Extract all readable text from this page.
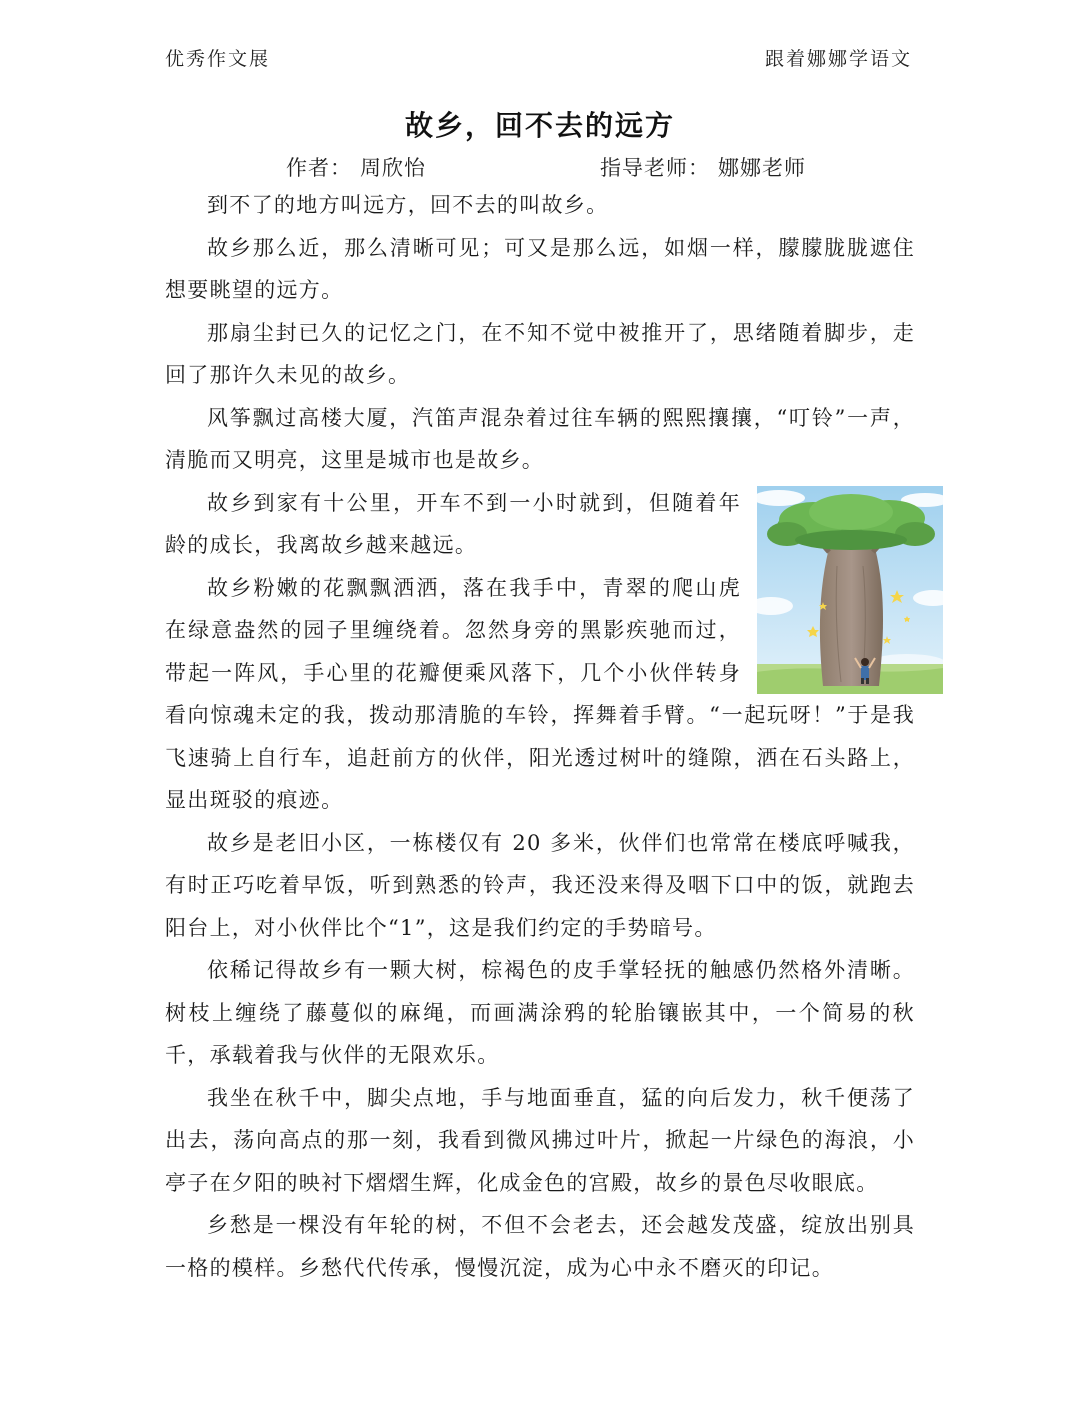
优秀作文展	跟着娜娜学语文
故乡，回不去的远方
作者： 周欣怡	指导老师： 娜娜老师

到不了的地方叫远方，回不去的叫故乡。

故乡那么近，那么清晰可见；可又是那么远，如烟一样，朦朦胧胧遮住想要眺望的远方。

那扇尘封已久的记忆之门，在不知不觉中被推开了，思绪随着脚步，走回了那许久未见的故乡。

风筝飘过高楼大厦，汽笛声混杂着过往车辆的熙熙攘攘，“叮铃”一声，清脆而又明亮，这里是城市也是故乡。

故乡到家有十公里，开车不到一小时就到，但随着年龄的成长，我离故乡越来越远。

故乡粉嫩的花飘飘洒洒，落在我手中，青翠的爬山虎在绿意盎然的园子里缠绕着。忽然身旁的黑影疾驰而过，带起一阵风，手心里的花瓣便乘风落下，几个小伙伴转身看向惊魂未定的我，拨动那清脆的车铃，挥舞着手臂。“一起玩呀！”于是我飞速骑上自行车，追赶前方的伙伴，阳光透过树叶的缝隙，洒在石头路上，显出斑驳的痕迹。

故乡是老旧小区，一栋楼仅有 20 多米，伙伴们也常常在楼底呼喊我，有时正巧吃着早饭，听到熟悉的铃声，我还没来得及咽下口中的饭，就跑去阳台上，对小伙伴比个“1”，这是我们约定的手势暗号。

依稀记得故乡有一颗大树，棕褐色的皮手掌轻抚的触感仍然格外清晰。树枝上缠绕了藤蔓似的麻绳，而画满涂鸦的轮胎镶嵌其中，一个简易的秋千，承载着我与伙伴的无限欢乐。

我坐在秋千中，脚尖点地，手与地面垂直，猛的向后发力，秋千便荡了出去，荡向高点的那一刻，我看到微风拂过叶片，掀起一片绿色的海浪，小亭子在夕阳的映衬下熠熠生辉，化成金色的宫殿，故乡的景色尽收眼底。

乡愁是一棵没有年轮的树，不但不会老去，还会越发茂盛，绽放出别具一格的模样。乡愁代代传承，慢慢沉淀，成为心中永不磨灭的印记。
